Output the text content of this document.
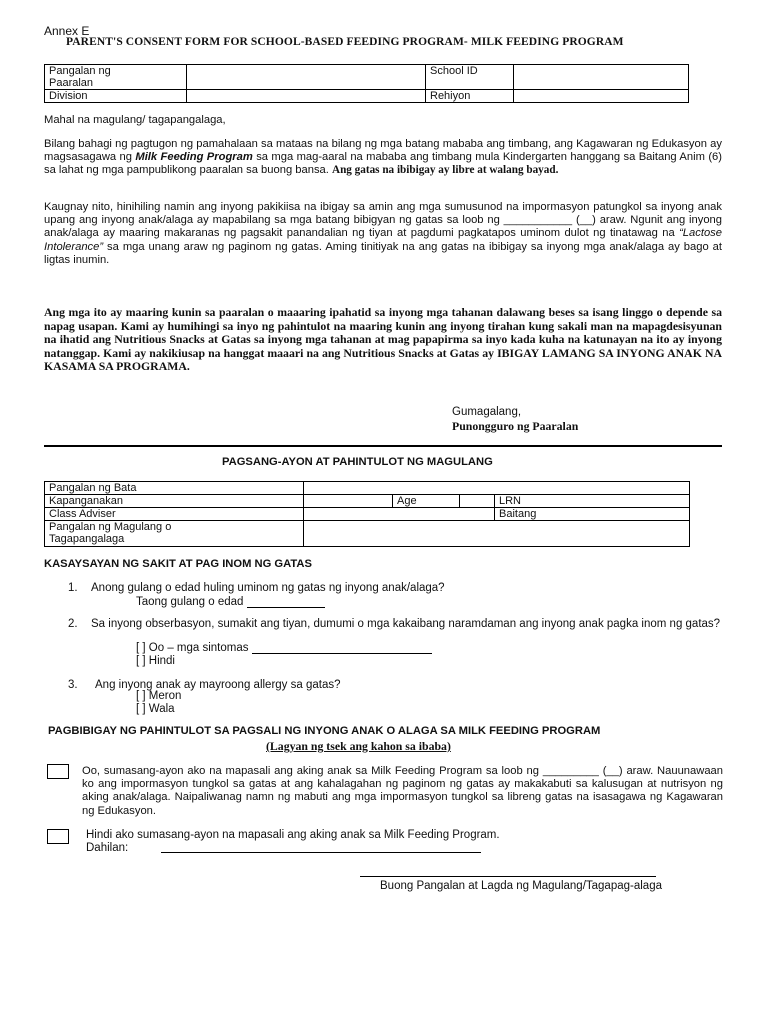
Annex E
PARENT'S CONSENT FORM FOR SCHOOL-BASED FEEDING PROGRAM- MILK FEEDING PROGRAM
Pangalan ng
Paaralan		School ID	
Division		Rehiyon	
Mahal na magulang/ tagapangalaga,
Bilang bahagi ng pagtugon ng pamahalaan sa mataas na bilang ng mga batang mababa ang timbang, ang Kagawaran ng Edukasyon ay magsasagawa ng Milk Feeding Program sa mga mag-aaral na mababa ang timbang mula Kindergarten hanggang sa Baitang Anim (6) sa lahat ng mga pampublikong paaralan sa buong bansa. Ang gatas na ibibigay ay libre at walang bayad.
Kaugnay nito, hinihiling namin ang inyong pakikiisa na ibigay sa amin ang mga sumusunod na impormasyon patungkol sa inyong anak upang ang inyong anak/alaga ay mapabilang sa mga batang bibigyan ng gatas sa loob ng ___________ (__) araw. Ngunit ang inyong anak/alaga ay maaring makaranas ng pagsakit panandalian ng tiyan at pagdumi pagkatapos uminom dulot ng tinatawag na “Lactose Intolerance” sa mga unang araw ng paginom ng gatas. Aming tinitiyak na ang gatas na ibibigay sa inyong mga anak/alaga ay bago at ligtas inumin.
Ang mga ito ay maaring kunin sa paaralan o maaaring ipahatid sa inyong mga tahanan dalawang beses sa isang linggo o depende sa napag usapan. Kami ay humihingi sa inyo ng pahintulot na maaring kunin ang inyong tirahan kung sakali man na mapagdesisyunan na ihatid ang Nutritious Snacks at Gatas sa inyong mga tahanan at mag papapirma sa inyo kada kuha na katunayan na ito ay inyong natanggap. Kami ay nakikiusap na hanggat maaari na ang Nutritious Snacks at Gatas ay IBIGAY LAMANG SA INYONG ANAK NA KASAMA SA PROGRAMA.
Gumagalang,
Punongguro ng Paaralan
PAGSANG-AYON AT PAHINTULOT NG MAGULANG
Pangalan ng Bata				
Kapanganakan		Age		LRN
Class Adviser				Baitang
Pangalan ng Magulang o
Tagapangalaga				
KASAYSAYAN NG SAKIT AT PAG INOM NG GATAS
1. Anong gulang o edad huling uminom ng gatas ng inyong anak/alaga?
Taong gulang o edad
2. Sa inyong obserbasyon, sumakit ang tiyan, dumumi o mga kakaibang naramdaman ang inyong anak pagka inom ng gatas?
[ ] Oo – mga sintomas
[ ] Hindi
3. Ang inyong anak ay mayroong allergy sa gatas?
[ ] Meron
[ ] Wala
PAGBIBIGAY NG PAHINTULOT SA PAGSALI NG INYONG ANAK O ALAGA SA MILK FEEDING PROGRAM
(Lagyan ng tsek ang kahon sa ibaba)
Oo, sumasang-ayon ako na mapasali ang aking anak sa Milk Feeding Program sa loob ng _________ (__) araw. Nauunawaan ko ang impormasyon tungkol sa gatas at ang kahalagahan ng paginom ng gatas ay makakabuti sa kalusugan at nutrisyon ng aking anak/alaga. Naipaliwanag namn ng mabuti ang mga impormasyon tungkol sa libreng gatas na isasagawa ng Kagawaran ng Edukasyon.
Hindi ako sumasang-ayon na mapasali ang aking anak sa Milk Feeding Program.
Dahilan:
Buong Pangalan at Lagda ng Magulang/Tagapag-alaga
